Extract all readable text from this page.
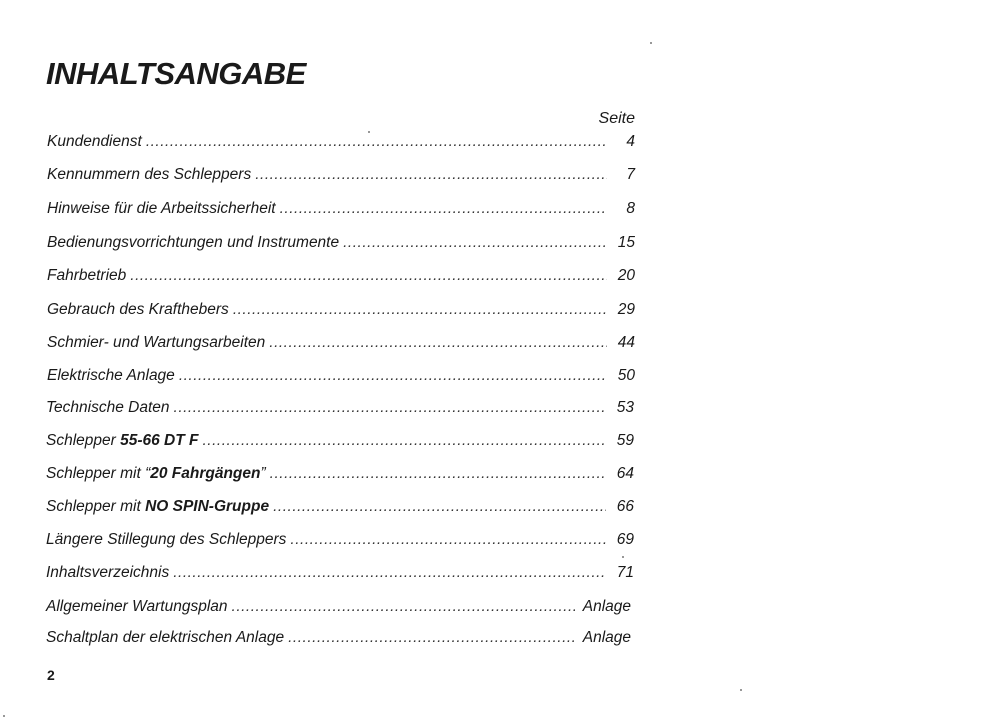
INHALTSANGABE
Seite
Kundendienst .....	4
Kennummern des Schleppers .....	7
Hinweise für die Arbeitssicherheit .....	8
Bedienungsvorrichtungen und Instrumente .....	15
Fahrbetrieb .....	20
Gebrauch des Krafthebers .....	29
Schmier- und Wartungsarbeiten .....	44
Elektrische Anlage .....	50
Technische Daten .....	53
Schlepper 55-66 DT F .....	59
Schlepper mit “20 Fahrgängen” .....	64
Schlepper mit NO SPIN-Gruppe .....	66
Längere Stillegung des Schleppers .....	69
Inhaltsverzeichnis .....	71
Allgemeiner Wartungsplan .....	Anlage
Schaltplan der elektrischen Anlage .....	Anlage
2
